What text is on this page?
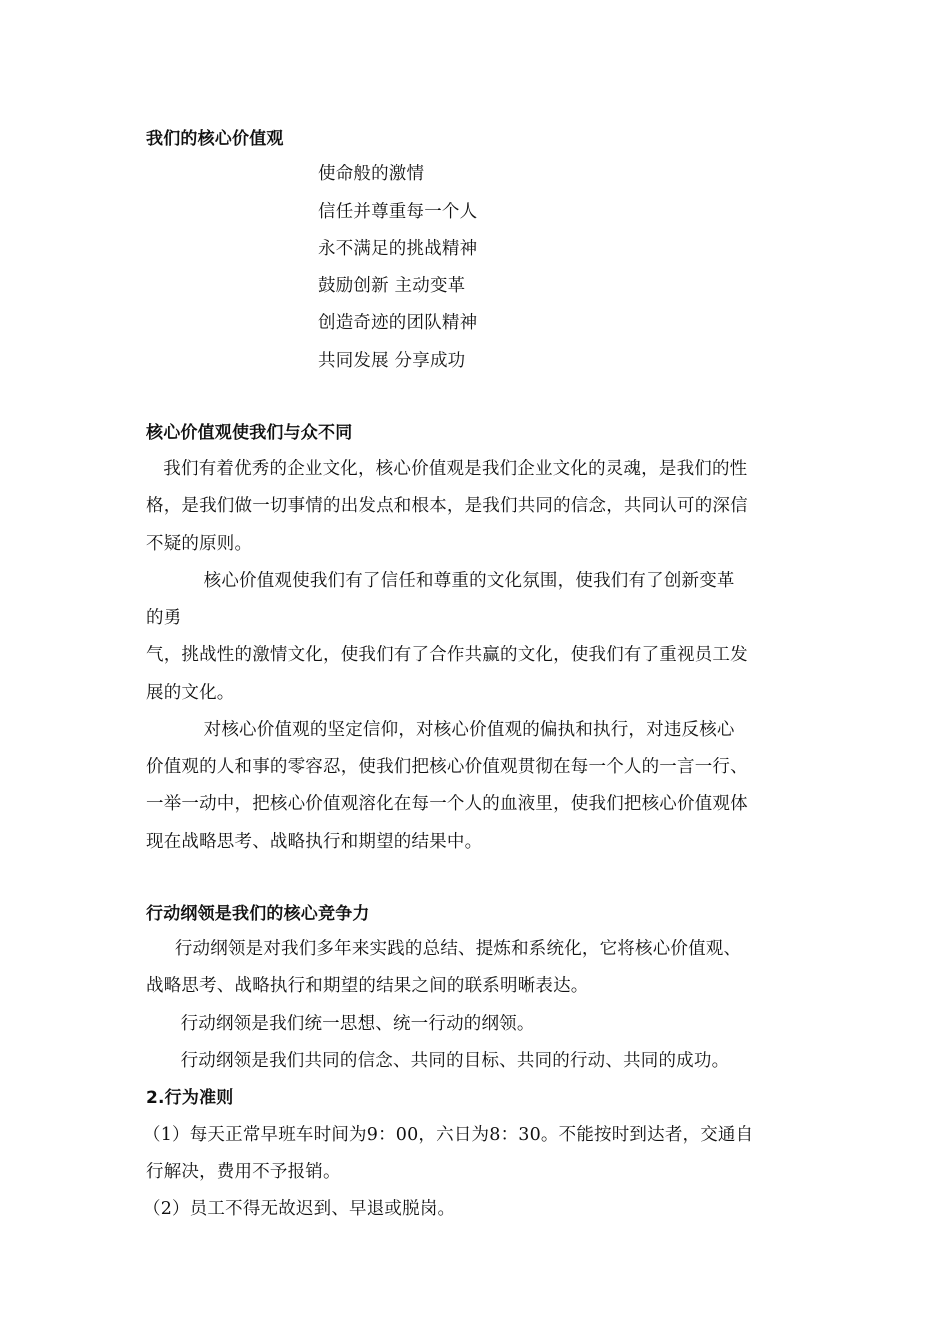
我们的核心价值观
使命般的激情
信任并尊重每一个人
永不满足的挑战精神
鼓励创新 主动变革
创造奇迹的团队精神
共同发展 分享成功
核心价值观使我们与众不同
我们有着优秀的企业文化，核心价值观是我们企业文化的灵魂，是我们的性
格，是我们做一切事情的出发点和根本，是我们共同的信念，共同认可的深信
不疑的原则。
核心价值观使我们有了信任和尊重的文化氛围，使我们有了创新变革
的勇
气，挑战性的激情文化，使我们有了合作共赢的文化，使我们有了重视员工发
展的文化。
对核心价值观的坚定信仰，对核心价值观的偏执和执行，对违反核心
价值观的人和事的零容忍，使我们把核心价值观贯彻在每一个人的一言一行、
一举一动中，把核心价值观溶化在每一个人的血液里，使我们把核心价值观体
现在战略思考、战略执行和期望的结果中。
行动纲领是我们的核心竞争力
行动纲领是对我们多年来实践的总结、提炼和系统化，它将核心价值观、
战略思考、战略执行和期望的结果之间的联系明晰表达。
行动纲领是我们统一思想、统一行动的纲领。
行动纲领是我们共同的信念、共同的目标、共同的行动、共同的成功。
2.行为准则
（1）每天正常早班车时间为9：00，六日为8：30。不能按时到达者，交通自
行解决，费用不予报销。
（2）员工不得无故迟到、早退或脱岗。
